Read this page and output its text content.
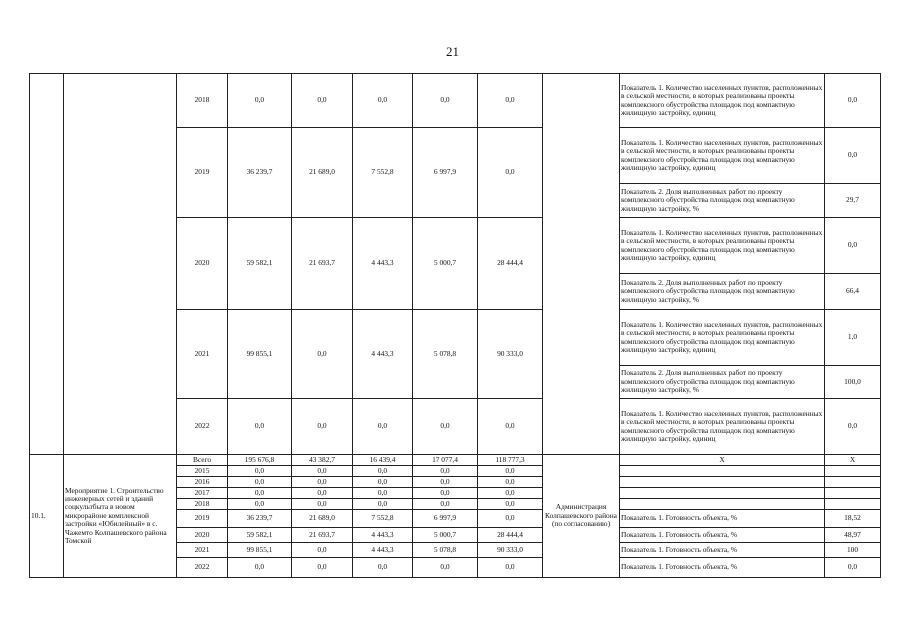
21
		2018	0,0	0,0	0,0	0,0	0,0		Показатель 1. Количество населенных пунктов, расположенных в сельской местности, в которых реализованы проекты комплексного обустройства площадок под компактную жилищную застройку, единиц	0,0
		2019	36 239,7	21 689,0	7 552,8	6 997,9	0,0		Показатель 1. Количество населенных пунктов, расположенных в сельской местности, в которых реализованы проекты комплексного обустройства площадок под компактную жилищную застройку, единиц	0,0
									Показатель 2. Доля выполненных работ по проекту комплексного обустройства площадок под компактную жилищную застройку, %	29,7
		2020	59 582,1	21 693,7	4 443,3	5 000,7	28 444,4		Показатель 1. Количество населенных пунктов, расположенных в сельской местности, в которых реализованы проекты комплексного обустройства площадок под компактную жилищную застройку, единиц	0,0
									Показатель 2. Доля выполненных работ по проекту комплексного обустройства площадок под компактную жилищную застройку, %	66,4
		2021	99 855,1	0,0	4 443,3	5 078,8	90 333,0		Показатель 1. Количество населенных пунктов, расположенных в сельской местности, в которых реализованы проекты комплексного обустройства площадок под компактную жилищную застройку, единиц	1,0
									Показатель 2. Доля выполненных работ по проекту комплексного обустройства площадок под компактную жилищную застройку, %	100,0
		2022	0,0	0,0	0,0	0,0	0,0		Показатель 1. Количество населенных пунктов, расположенных в сельской местности, в которых реализованы проекты комплексного обустройства площадок под компактную жилищную застройку, единиц	0,0
10.1.	Мероприятие 1. Строительство инженерных сетей и зданий соцкультбыта в новом микрорайоне комплексной застройки «Юбилейный» в с. Чажемто Колпашевского района Томской	Всего	195 676,8	43 382,7	16 439,4	17 077,4	118 777,3	Администрация Колпашевского района (по согласованию)	Х	Х
		2015	0,0	0,0	0,0	0,0	0,0			
		2016	0,0	0,0	0,0	0,0	0,0			
		2017	0,0	0,0	0,0	0,0	0,0			
		2018	0,0	0,0	0,0	0,0	0,0			
		2019	36 239,7	21 689,0	7 552,8	6 997,9	0,0		Показатель 1. Готовность объекта, %	18,52
		2020	59 582,1	21 693,7	4 443,3	5 000,7	28 444,4		Показатель 1. Готовность объекта, %	48,97
		2021	99 855,1	0,0	4 443,3	5 078,8	90 333,0		Показатель 1. Готовность объекта, %	100
		2022	0,0	0,0	0,0	0,0	0,0		Показатель 1. Готовность объекта, %	0,0
